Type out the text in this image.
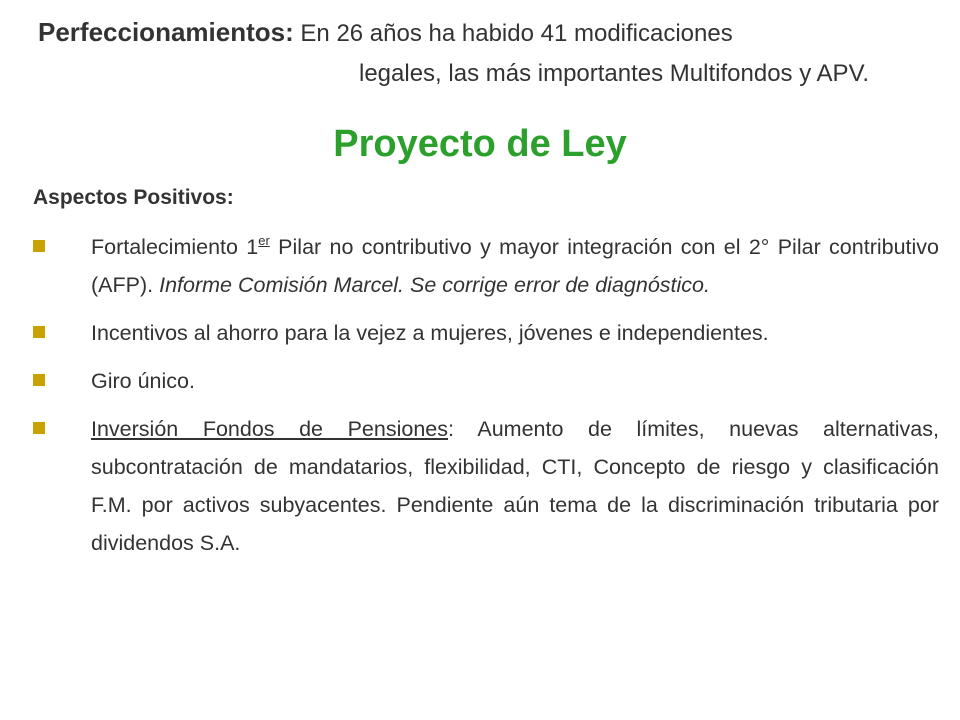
Perfeccionamientos: En 26 años ha habido 41 modificaciones
legales, las más importantes Multifondos y APV.
Proyecto de Ley
Aspectos Positivos:
Fortalecimiento 1er Pilar no contributivo y mayor integración con el 2° Pilar contributivo (AFP). Informe Comisión Marcel. Se corrige error de diagnóstico.
Incentivos al ahorro para la vejez a mujeres, jóvenes e independientes.
Giro único.
Inversión Fondos de Pensiones: Aumento de límites, nuevas alternativas, subcontratación de mandatarios, flexibilidad, CTI, Concepto de riesgo y clasificación F.M. por activos subyacentes. Pendiente aún tema de la discriminación tributaria por dividendos S.A.
